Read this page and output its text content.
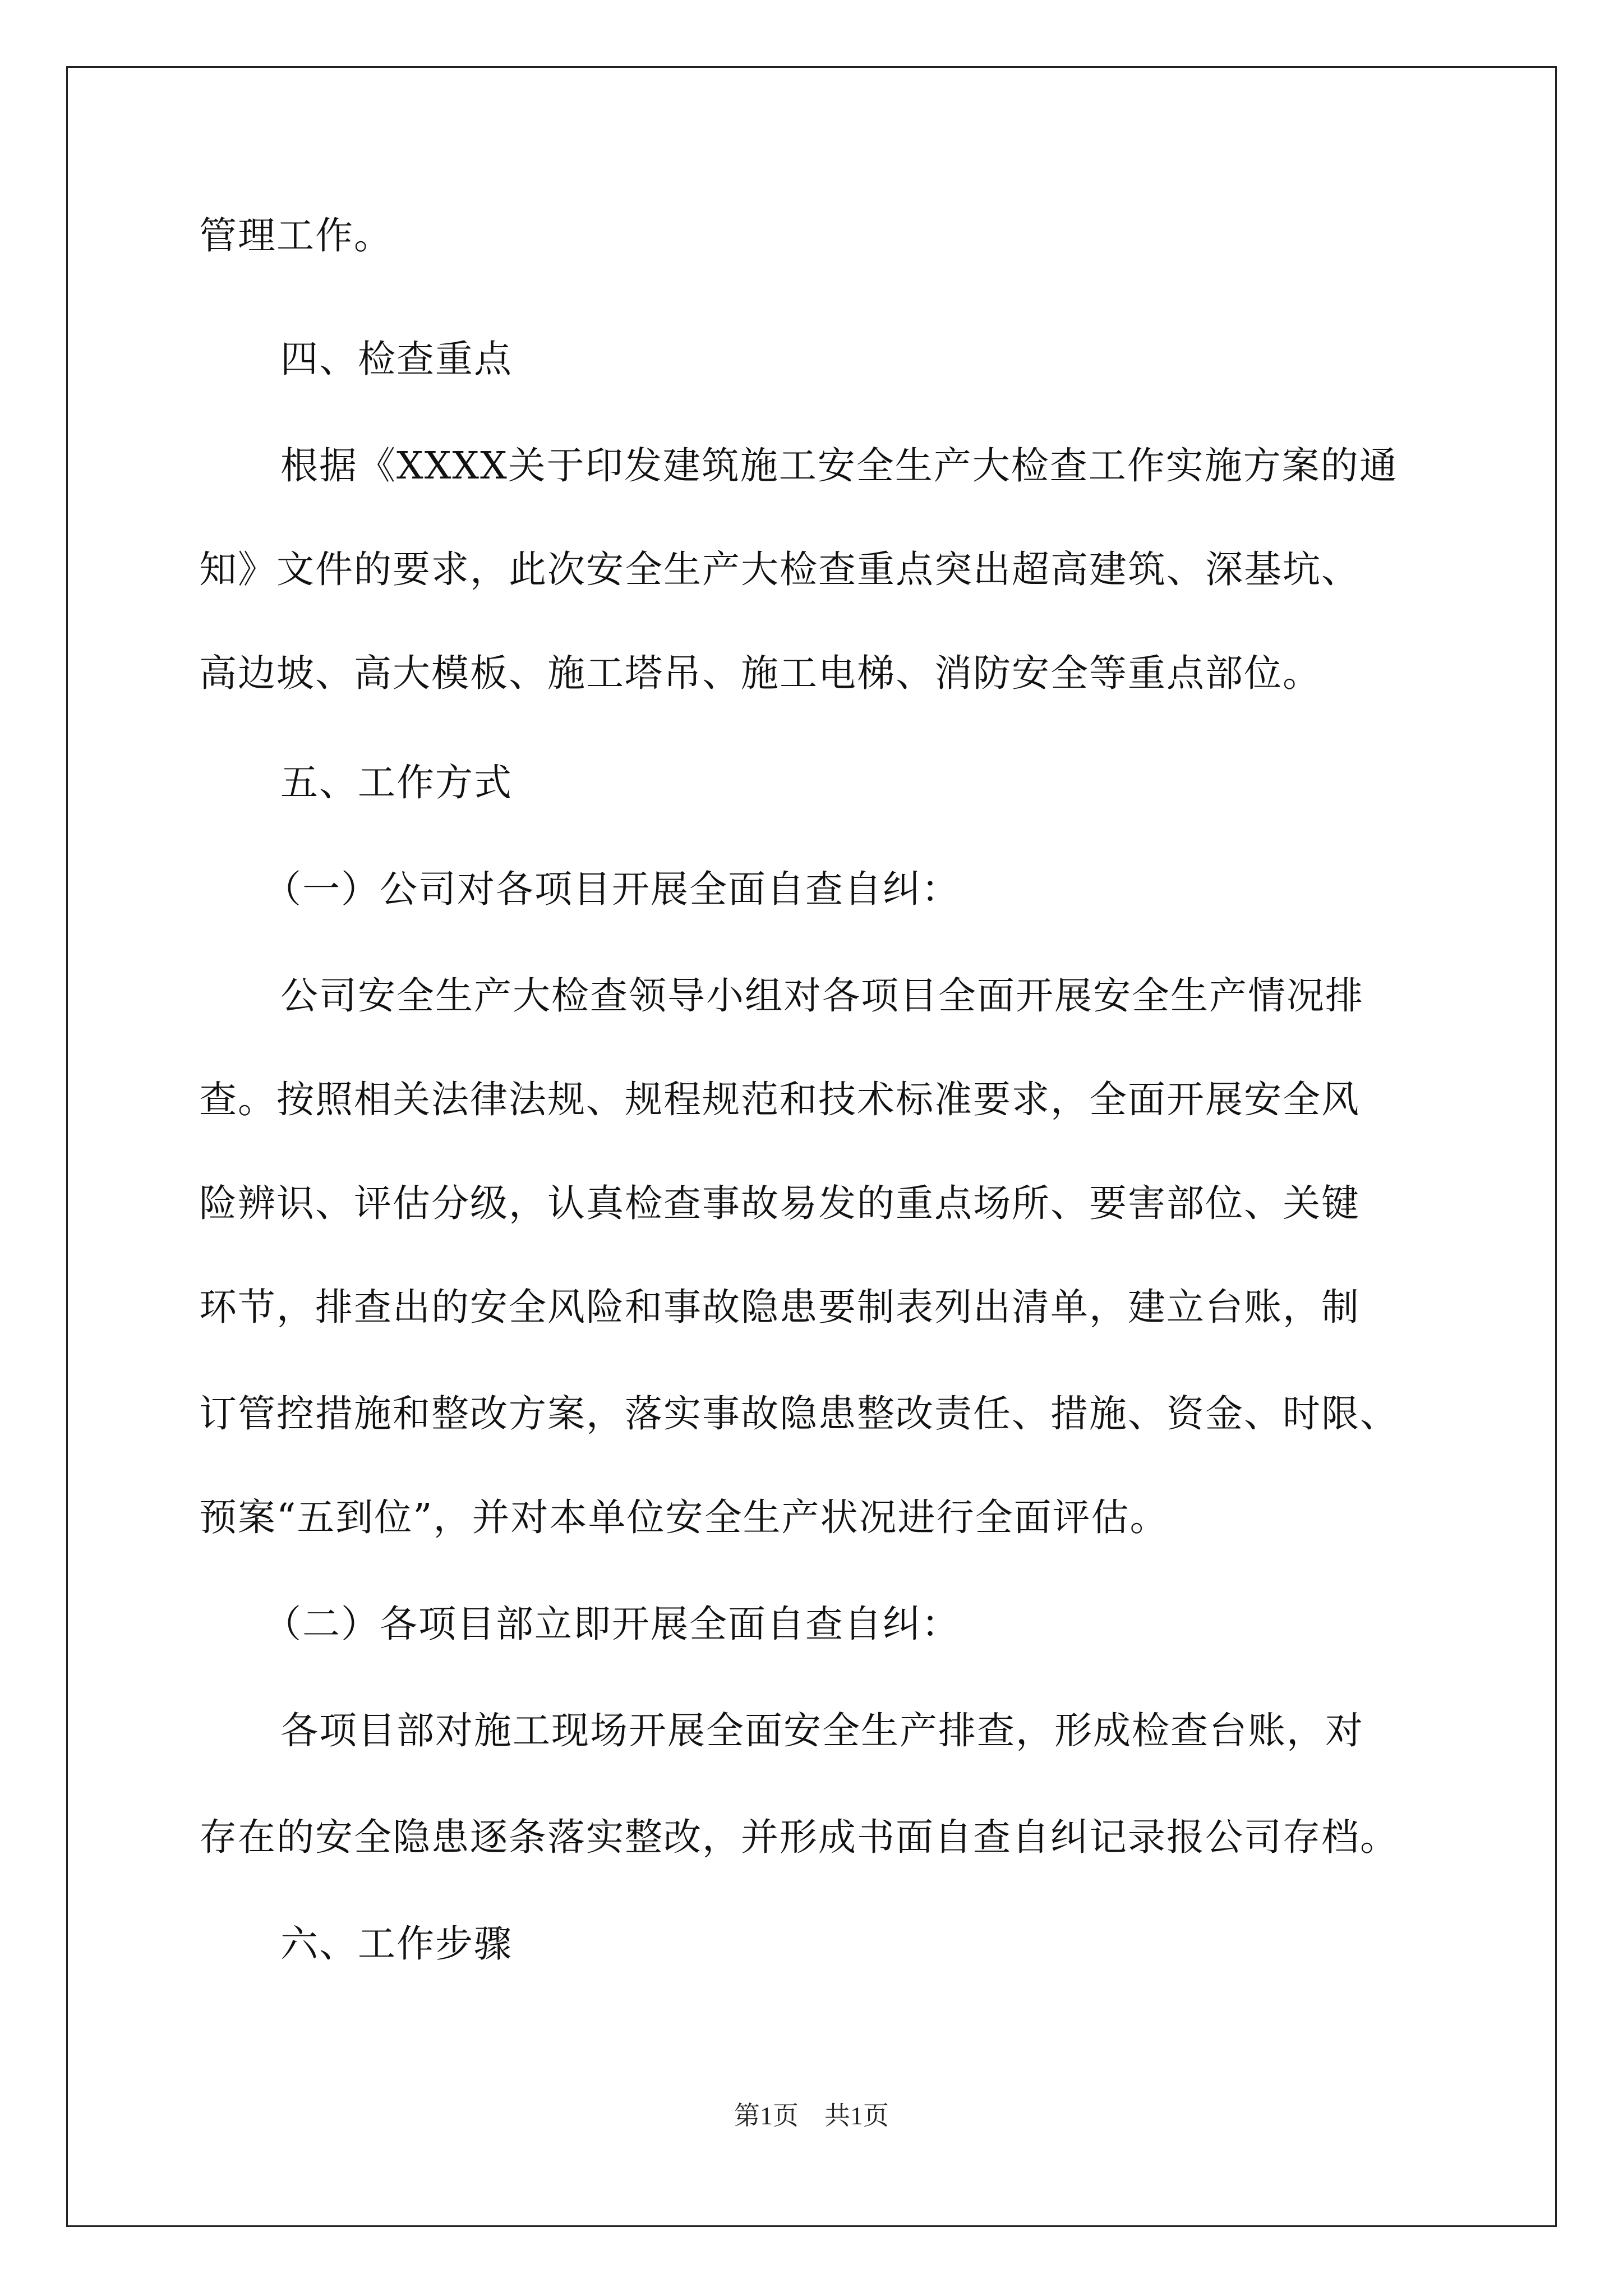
管理工作。
四、检查重点
根据《XXXX关于印发建筑施工安全生产大检查工作实施方案的通
知》文件的要求，此次安全生产大检查重点突出超高建筑、深基坑、
高边坡、高大模板、施工塔吊、施工电梯、消防安全等重点部位。
五、工作方式
（一）公司对各项目开展全面自查自纠：
公司安全生产大检查领导小组对各项目全面开展安全生产情况排
查。按照相关法律法规、规程规范和技术标准要求，全面开展安全风
险辨识、评估分级，认真检查事故易发的重点场所、要害部位、关键
环节，排查出的安全风险和事故隐患要制表列出清单，建立台账，制
订管控措施和整改方案，落实事故隐患整改责任、措施、资金、时限、
预案“五到位”，并对本单位安全生产状况进行全面评估。
（二）各项目部立即开展全面自查自纠：
各项目部对施工现场开展全面安全生产排查，形成检查台账，对
存在的安全隐患逐条落实整改，并形成书面自查自纠记录报公司存档。
六、工作步骤
第1页　共1页
